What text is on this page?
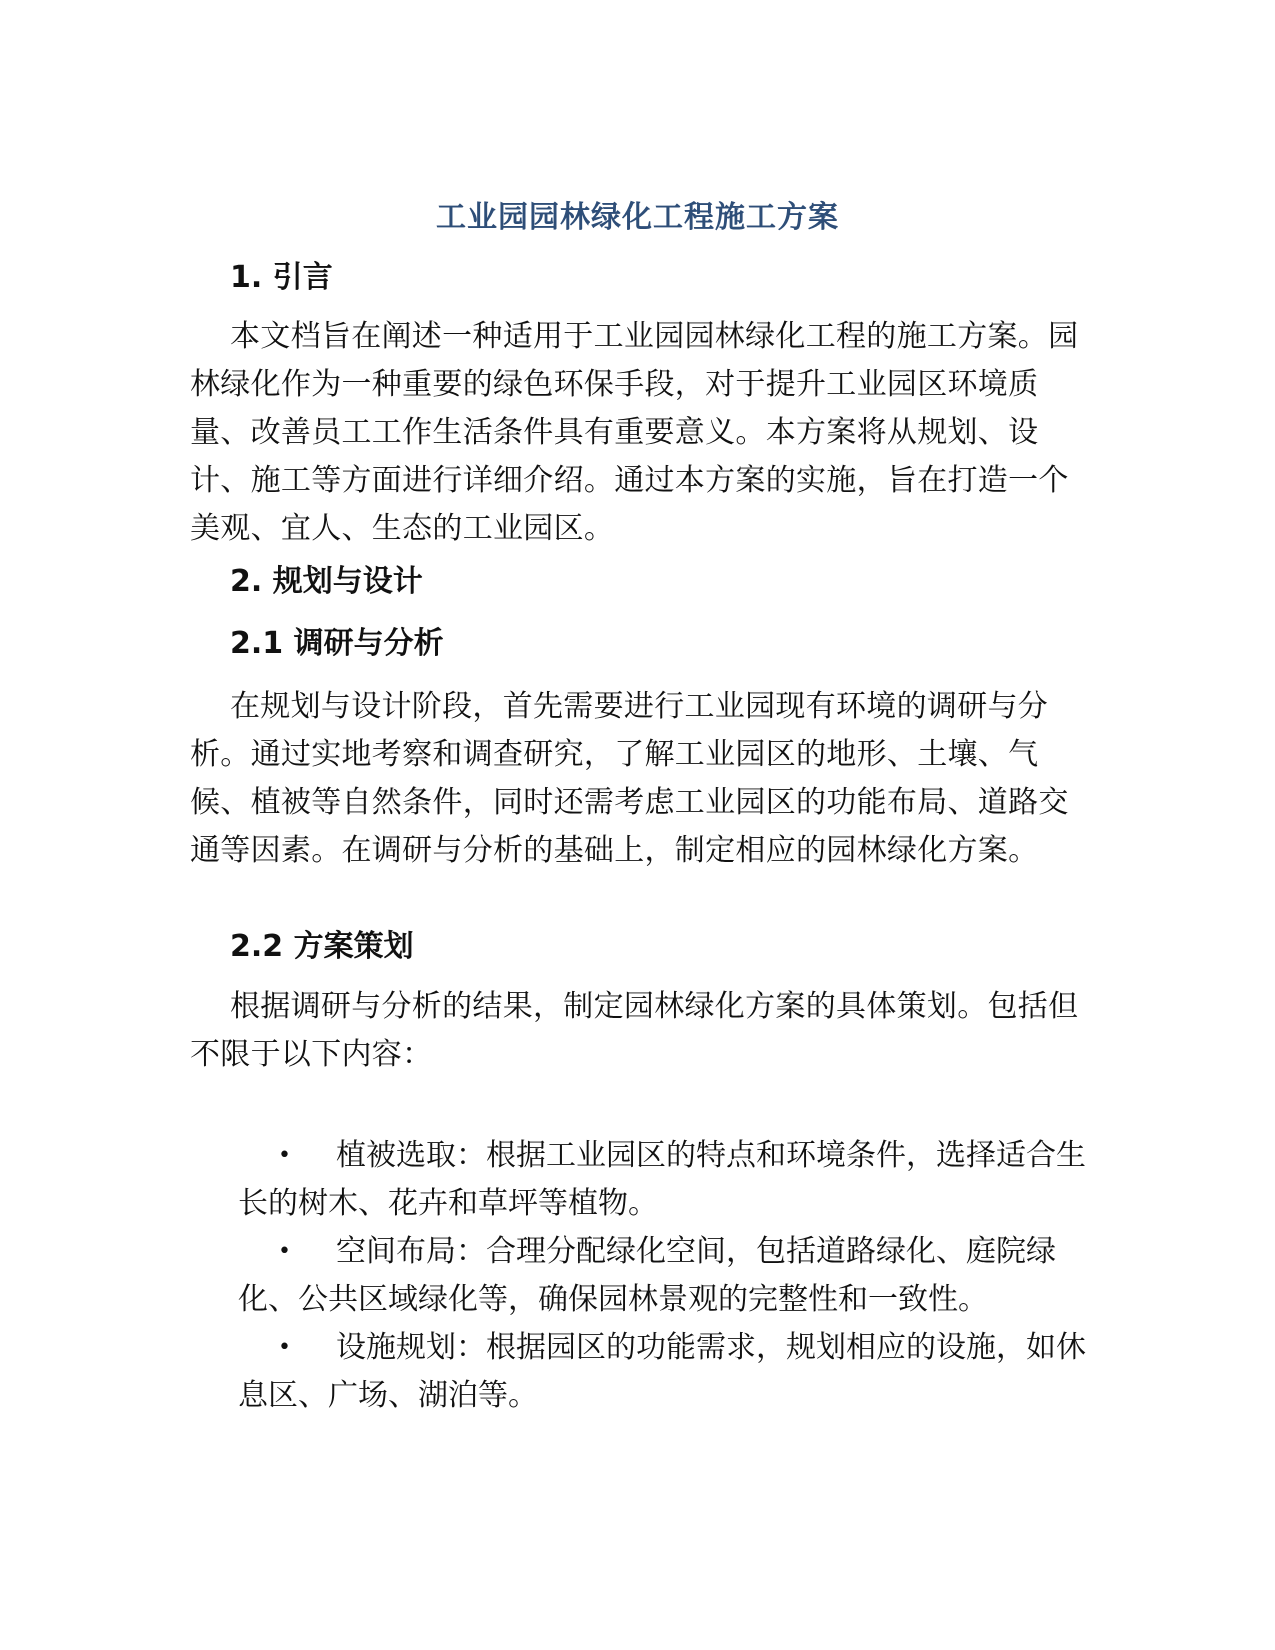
工业园园林绿化工程施工方案
1. 引言
本文档旨在阐述一种适用于工业园园林绿化工程的施工方案。园林绿化作为一种重要的绿色环保手段，对于提升工业园区环境质量、改善员工工作生活条件具有重要意义。本方案将从规划、设计、施工等方面进行详细介绍。通过本方案的实施，旨在打造一个美观、宜人、生态的工业园区。
2. 规划与设计
2.1 调研与分析
在规划与设计阶段，首先需要进行工业园现有环境的调研与分析。通过实地考察和调查研究，了解工业园区的地形、土壤、气候、植被等自然条件，同时还需考虑工业园区的功能布局、道路交通等因素。在调研与分析的基础上，制定相应的园林绿化方案。
2.2 方案策划
根据调研与分析的结果，制定园林绿化方案的具体策划。包括但不限于以下内容：
• 植被选取：根据工业园区的特点和环境条件，选择适合生长的树木、花卉和草坪等植物。
• 空间布局：合理分配绿化空间，包括道路绿化、庭院绿化、公共区域绿化等，确保园林景观的完整性和一致性。
• 设施规划：根据园区的功能需求，规划相应的设施，如休息区、广场、湖泊等。
